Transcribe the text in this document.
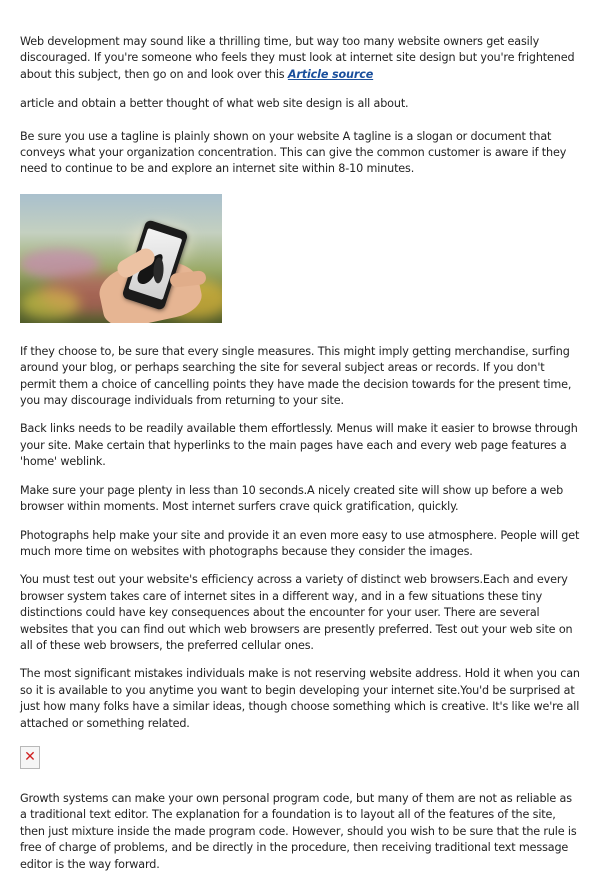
Web development may sound like a thrilling time, but way too many website owners get easily discouraged. If you're someone who feels they must look at internet site design but you're frightened about this subject, then go on and look over this Article source

article and obtain a better thought of what web site design is all about.

Be sure you use a tagline is plainly shown on your website A tagline is a slogan or document that conveys what your organization concentration. This can give the common customer is aware if they need to continue to be and explore an internet site within 8-10 minutes.

If they choose to, be sure that every single measures. This might imply getting merchandise, surfing around your blog, or perhaps searching the site for several subject areas or records. If you don't permit them a choice of cancelling points they have made the decision towards for the present time, you may discourage individuals from returning to your site.

Back links needs to be readily available them effortlessly. Menus will make it easier to browse through your site. Make certain that hyperlinks to the main pages have each and every web page features a 'home' weblink.

Make sure your page plenty in less than 10 seconds.A nicely created site will show up before a web browser within moments. Most internet surfers crave quick gratification, quickly.

Photographs help make your site and provide it an even more easy to use atmosphere. People will get much more time on websites with photographs because they consider the images.

You must test out your website's efficiency across a variety of distinct web browsers.Each and every browser system takes care of internet sites in a different way, and in a few situations these tiny distinctions could have key consequences about the encounter for your user. There are several websites that you can find out which web browsers are presently preferred. Test out your web site on all of these web browsers, the preferred cellular ones.

The most significant mistakes individuals make is not reserving website address. Hold it when you can so it is available to you anytime you want to begin developing your internet site.You'd be surprised at just how many folks have a similar ideas, though choose something which is creative. It's like we're all attached or something related.

✕

Growth systems can make your own personal program code, but many of them are not as reliable as a traditional text editor. The explanation for a foundation is to layout all of the features of the site, then just mixture inside the made program code. However, should you wish to be sure that the rule is free of charge of problems, and be directly in the procedure, then receiving traditional text message editor is the way forward.
